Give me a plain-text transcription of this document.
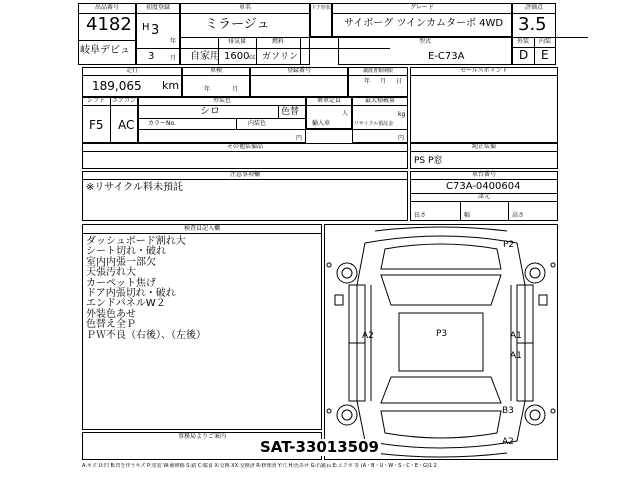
出品番号
4182
岐阜デビュ
初度登録
H 3
年
3	月
車名
ミラージュ
ドア形状	グレード
サイボーグ ツインカムターボ 4WD
自家用
排気量
1600 cc
燃料
ガソリン
型式
E-C73A
評価点
3.5
外装	内装
D E
走行
189,065 km
車検
年	月
登録番号	譲渡書類期限
年 月 日
セールスポイント
シフト	エアコン
F5 AC
外装色
シロ	色替
カラーNo.	内装色
乗車定員
人
輸入車
最大積載量
kg
リサイクル預託金
円	円
その他装備品	純正装備
PS P窓
注意事項欄
※リサイクル料未預託
車台番号
C73A-0400604
諸元
長さ	幅	高さ
検査員記入欄
ダッシュボード割れ大
シート切れ・破れ
室内内張一部欠
天張汚れ大
カーペット焦げ
ドア内張切れ・破れ
エンドパネルW２
外装色あせ
色替え全Ｐ
ＰＷ不良（右後）、（左後）
事務局よりご案内
P2
P3
A2	A1
A1
B3
A2
SAT-33013509
A:キズ U:凹 B:凹を伴うキズ P:塗装 W:補修跡 S:錆 C:腐食 X:交換 XX:交換済 R:修理済 Y:穴 H:色あせ G:石跳ね E:エクボ 等 (A・B・U・W・S・C・E・G)1 2
